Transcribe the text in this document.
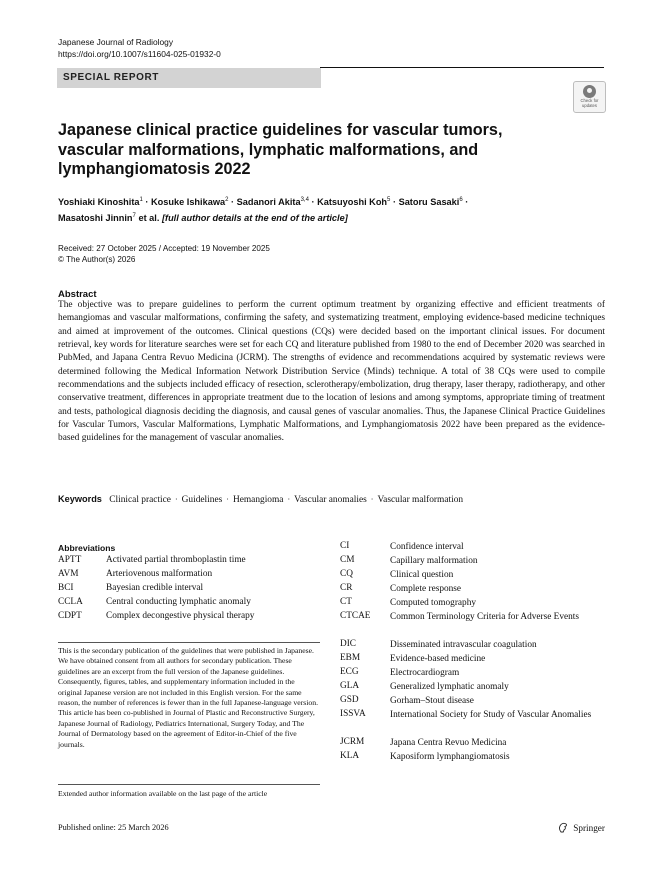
Japanese Journal of Radiology
https://doi.org/10.1007/s11604-025-01932-0
SPECIAL REPORT
Check for updates
Japanese clinical practice guidelines for vascular tumors, vascular malformations, lymphatic malformations, and lymphangiomatosis 2022
Yoshiaki Kinoshita$^1$ · Kosuke Ishikawa$^2$ · Sadanori Akita$^{3,4}$ · Katsuyoshi Koh$^5$ · Satoru Sasaki$^6$ ·
Masatoshi Jinnin$^7$ et al. [full author details at the end of the article]
Received: 27 October 2025 / Accepted: 19 November 2025
© The Author(s) 2026
Abstract
The objective was to prepare guidelines to perform the current optimum treatment by organizing effective and efficient treatments of hemangiomas and vascular malformations, confirming the safety, and systematizing treatment, employing evidence-based medicine techniques and aimed at improvement of the outcomes. Clinical questions (CQs) were decided based on the important clinical issues. For document retrieval, key words for literature searches were set for each CQ and literature published from 1980 to the end of December 2020 was searched in PubMed, and Japana Centra Revuo Medicina (JCRM). The strengths of evidence and recommendations acquired by systematic reviews were determined following the Medical Information Network Distribution Service (Minds) technique. A total of 38 CQs were used to compile recommendations and the subjects included efficacy of resection, sclerotherapy/embolization, drug therapy, laser therapy, radiotherapy, and other conservative treatment, differences in appropriate treatment due to the location of lesions and among symptoms, appropriate timing of treatment and tests, pathological diagnosis deciding the diagnosis, and causal genes of vascular anomalies. Thus, the Japanese Clinical Practice Guidelines for Vascular Tumors, Vascular Malformations, Lymphatic Malformations, and Lymphangiomatosis 2022 have been prepared as the evidence-based guidelines for the management of vascular anomalies.
Keywords Clinical practice · Guidelines · Hemangioma · Vascular anomalies · Vascular malformation
Abbreviations
APTT	Activated partial thromboplastin time
AVM	Arteriovenous malformation
BCI	Bayesian credible interval
CCLA Central conducting lymphatic anomaly
CDPT	Complex decongestive physical therapy
CI	Confidence interval
CM	Capillary malformation
CQ	Clinical question
CR	Complete response
CT	Computed tomography
CTCAE Common Terminology Criteria for Adverse Events
DIC	Disseminated intravascular coagulation
EBM	Evidence-based medicine
ECG	Electrocardiogram
GLA	Generalized lymphatic anomaly
GSD	Gorham–Stout disease
ISSVA	International Society for Study of Vascular Anomalies
JCRM	Japana Centra Revuo Medicina
KLA	Kaposiform lymphangiomatosis
This is the secondary publication of the guidelines that were published in Japanese. We have obtained consent from all authors for secondary publication. These guidelines are an excerpt from the full version of the Japanese guidelines. Consequently, figures, tables, and supplementary information included in the original Japanese version are not included in this English version. For the same reason, the number of references is fewer than in the full Japanese-language version. This article has been co-published in Journal of Plastic and Reconstructive Surgery, Japanese Journal of Radiology, Pediatrics International, Surgery Today, and The Journal of Dermatology based on the agreement of Editor-in-Chief of the five journals.
Extended author information available on the last page of the article
Published online: 25 March 2026	Springer
